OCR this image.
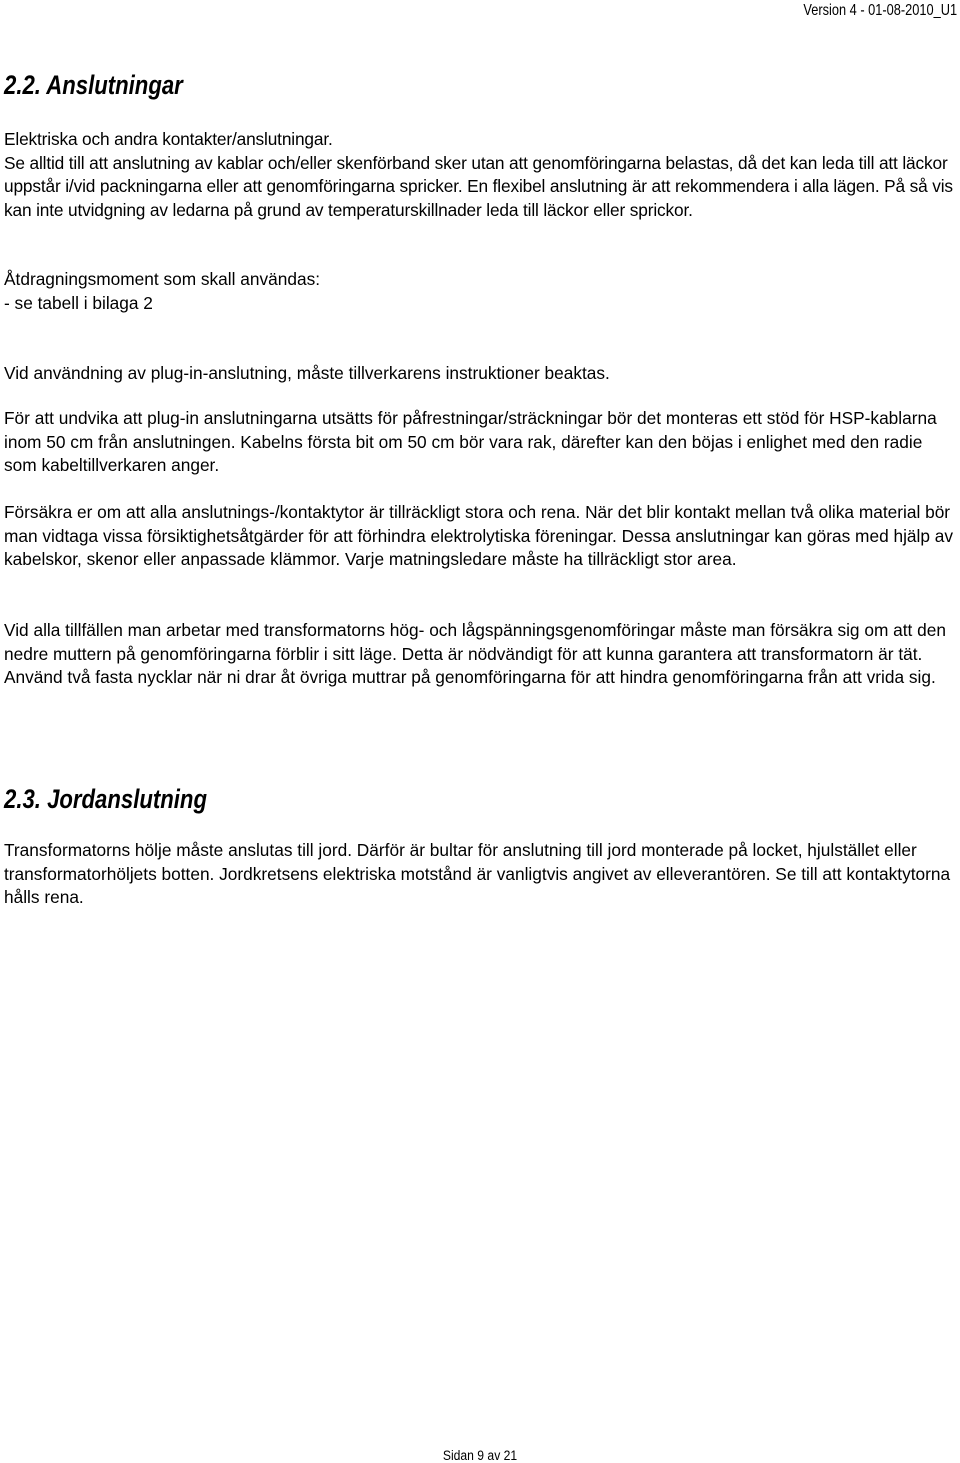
Version 4 - 01-08-2010_U1
2.2. Anslutningar

Elektriska och andra kontakter/anslutningar.

Se alltid till att anslutning av kablar och/eller skenförband sker utan att genomföringarna belastas, då det kan leda till att läckor uppstår i/vid packningarna eller att genomföringarna spricker. En flexibel anslutning är att rekommendera i alla lägen. På så vis kan inte utvidgning av ledarna på grund av temperaturskillnader leda till läckor eller sprickor.

Åtdragningsmoment som skall användas:

- se tabell i bilaga 2

Vid användning av plug-in-anslutning, måste tillverkarens instruktioner beaktas.

För att undvika att plug-in anslutningarna utsätts för påfrestningar/sträckningar bör det monteras ett stöd för HSP-kablarna inom 50 cm från anslutningen. Kabelns första bit om 50 cm bör vara rak, därefter kan den böjas i enlighet med den radie som kabeltillverkaren anger.

Försäkra er om att alla anslutnings-/kontaktytor är tillräckligt stora och rena. När det blir kontakt mellan två olika material bör man vidtaga vissa försiktighetsåtgärder för att förhindra elektrolytiska föreningar. Dessa anslutningar kan göras med hjälp av kabelskor, skenor eller anpassade klämmor. Varje matningsledare måste ha tillräckligt stor area.

Vid alla tillfällen man arbetar med transformatorns hög- och lågspänningsgenomföringar måste man försäkra sig om att den nedre muttern på genomföringarna förblir i sitt läge. Detta är nödvändigt för att kunna garantera att transformatorn är tät. Använd två fasta nycklar när ni drar åt övriga muttrar på genomföringarna för att hindra genomföringarna från att vrida sig.

2.3. Jordanslutning

Transformatorns hölje måste anslutas till jord. Därför är bultar för anslutning till jord monterade på locket, hjulstället eller transformatorhöljets botten. Jordkretsens elektriska motstånd är vanligtvis angivet av elleverantören. Se till att kontaktytorna hålls rena.

Sidan 9 av 21
